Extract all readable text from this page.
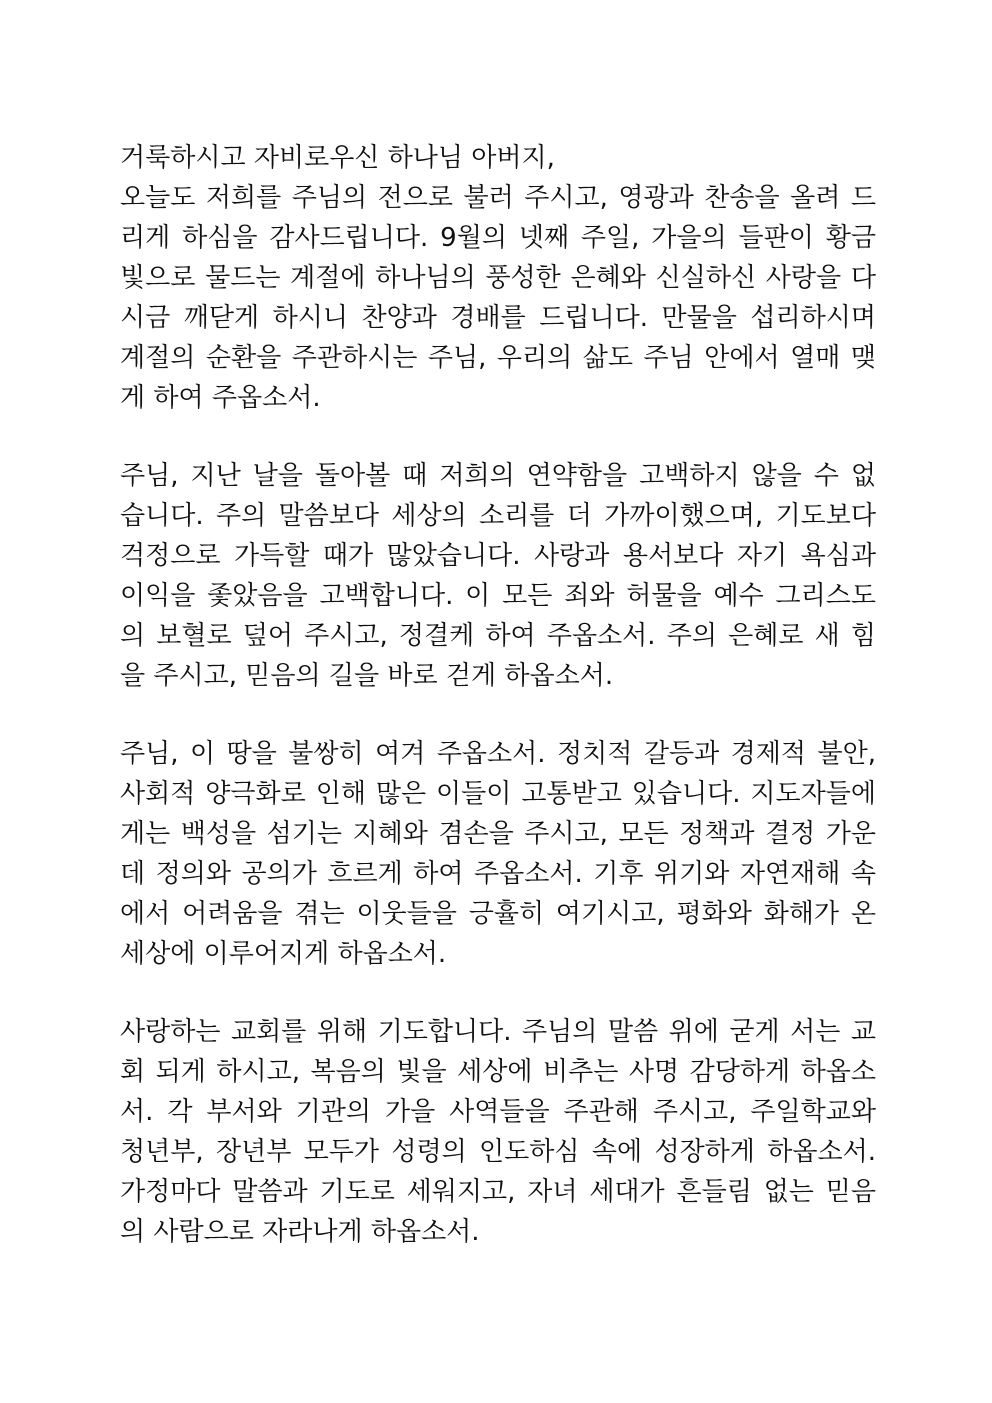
거룩하시고 자비로우신 하나님 아버지,
오늘도 저희를 주님의 전으로 불러 주시고, 영광과 찬송을 올려 드
리게 하심을 감사드립니다. 9월의 넷째 주일, 가을의 들판이 황금
빛으로 물드는 계절에 하나님의 풍성한 은혜와 신실하신 사랑을 다
시금 깨닫게 하시니 찬양과 경배를 드립니다. 만물을 섭리하시며
계절의 순환을 주관하시는 주님, 우리의 삶도 주님 안에서 열매 맺
게 하여 주옵소서.
주님, 지난 날을 돌아볼 때 저희의 연약함을 고백하지 않을 수 없
습니다. 주의 말씀보다 세상의 소리를 더 가까이했으며, 기도보다
걱정으로 가득할 때가 많았습니다. 사랑과 용서보다 자기 욕심과
이익을 좇았음을 고백합니다. 이 모든 죄와 허물을 예수 그리스도
의 보혈로 덮어 주시고, 정결케 하여 주옵소서. 주의 은혜로 새 힘
을 주시고, 믿음의 길을 바로 걷게 하옵소서.
주님, 이 땅을 불쌍히 여겨 주옵소서. 정치적 갈등과 경제적 불안,
사회적 양극화로 인해 많은 이들이 고통받고 있습니다. 지도자들에
게는 백성을 섬기는 지혜와 겸손을 주시고, 모든 정책과 결정 가운
데 정의와 공의가 흐르게 하여 주옵소서. 기후 위기와 자연재해 속
에서 어려움을 겪는 이웃들을 긍휼히 여기시고, 평화와 화해가 온
세상에 이루어지게 하옵소서.
사랑하는 교회를 위해 기도합니다. 주님의 말씀 위에 굳게 서는 교
회 되게 하시고, 복음의 빛을 세상에 비추는 사명 감당하게 하옵소
서. 각 부서와 기관의 가을 사역들을 주관해 주시고, 주일학교와
청년부, 장년부 모두가 성령의 인도하심 속에 성장하게 하옵소서.
가정마다 말씀과 기도로 세워지고, 자녀 세대가 흔들림 없는 믿음
의 사람으로 자라나게 하옵소서.
